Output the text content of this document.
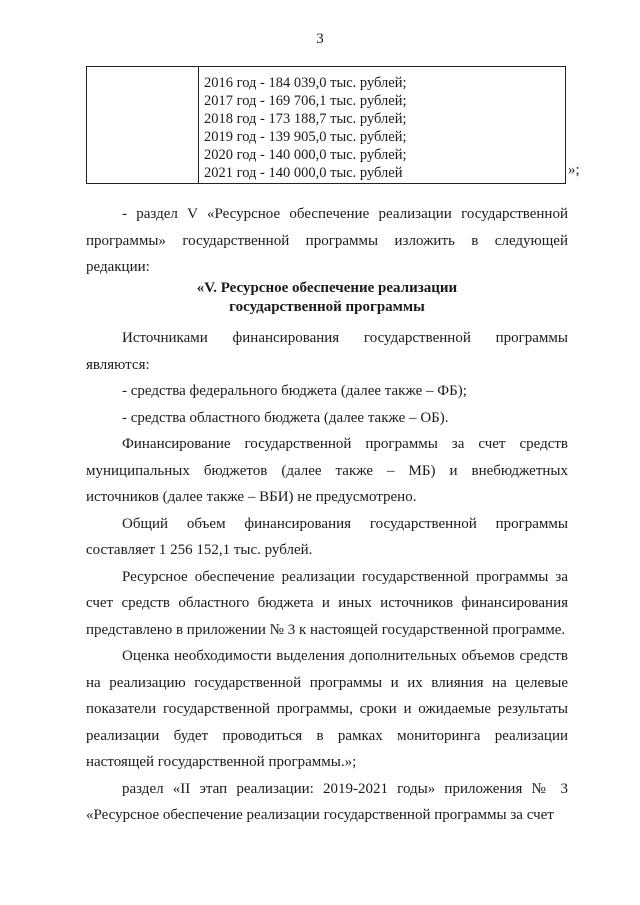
3
2016 год - 184 039,0 тыс. рублей;
2017 год - 169 706,1 тыс. рублей;
2018 год - 173 188,7 тыс. рублей;
2019 год - 139 905,0 тыс. рублей;
2020 год - 140 000,0 тыс. рублей;
2021 год - 140 000,0 тыс. рублей	»;

- раздел V «Ресурсное обеспечение реализации государственной программы» государственной программы изложить в следующей редакции:

«V. Ресурсное обеспечение реализации

государственной программы

Источниками финансирования государственной программы являются:

- средства федерального бюджета (далее также – ФБ);

- средства областного бюджета (далее также – ОБ).

Финансирование государственной программы за счет средств муниципальных бюджетов (далее также – МБ) и внебюджетных источников (далее также – ВБИ) не предусмотрено.

Общий объем финансирования государственной программы составляет 1 256 152,1 тыс. рублей.

Ресурсное обеспечение реализации государственной программы за счет средств областного бюджета и иных источников финансирования представлено в приложении № 3 к настоящей государственной программе.

Оценка необходимости выделения дополнительных объемов средств на реализацию государственной программы и их влияния на целевые показатели государственной программы, сроки и ожидаемые результаты реализации будет проводиться в рамках мониторинга реализации настоящей государственной программы.»;

раздел «II этап реализации: 2019-2021 годы» приложения № 3 «Ресурсное обеспечение реализации государственной программы за счет
